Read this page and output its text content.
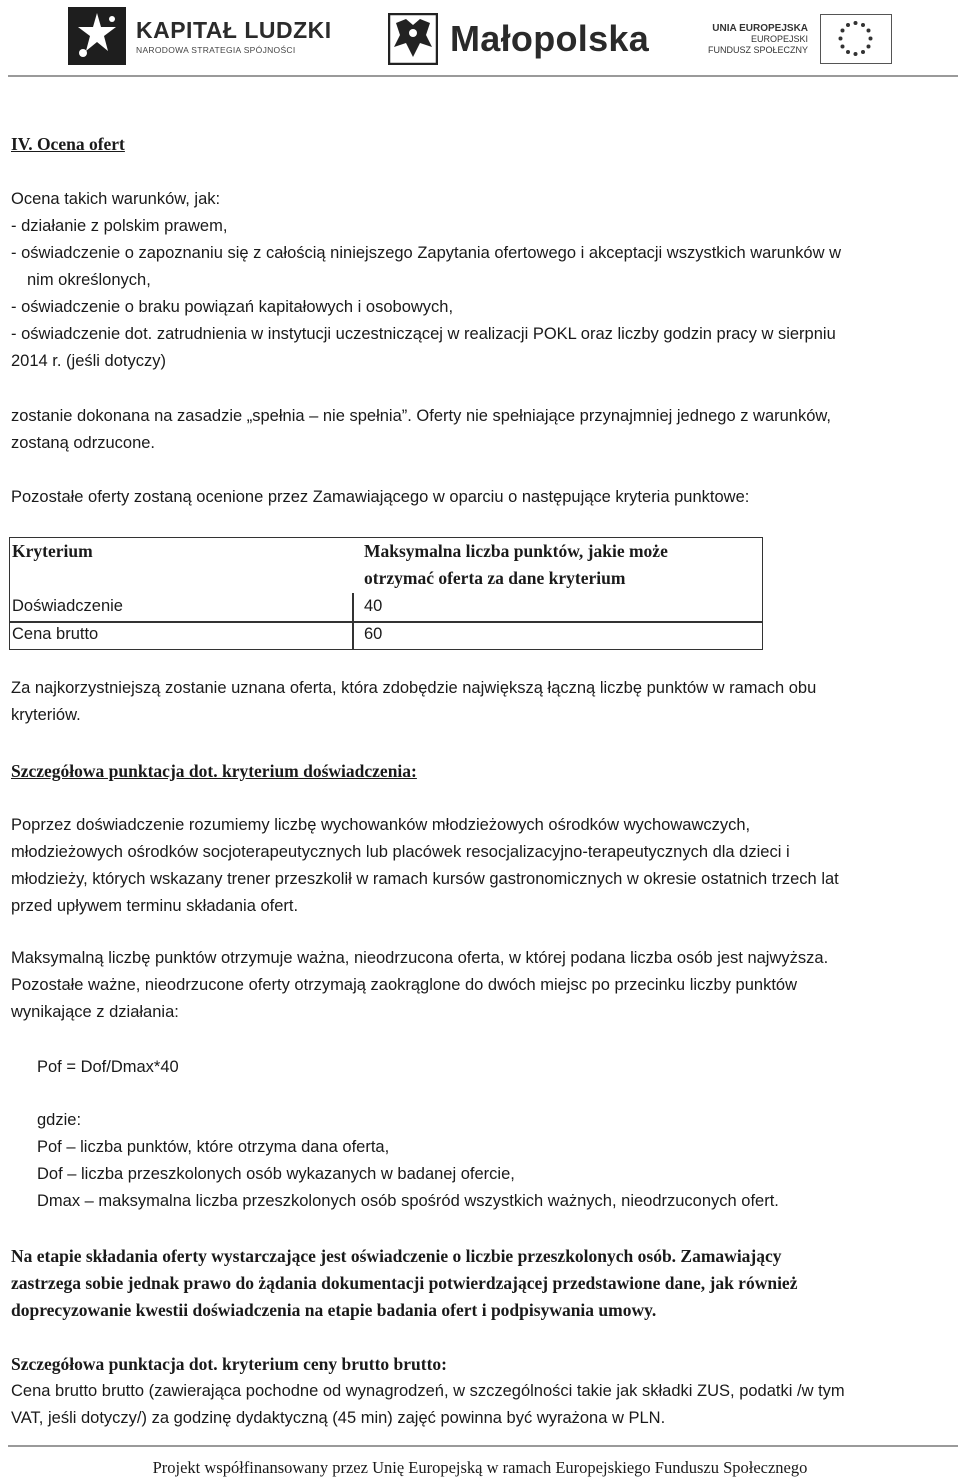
KAPITAŁ LUDZKI
NARODOWA STRATEGIA SPÓJNOŚCI	Małopolska	UNIA EUROPEJSKA
EUROPEJSKI
FUNDUSZ SPOŁECZNY
IV. Ocena ofert
Ocena takich warunków, jak:
- działanie z polskim prawem,
- oświadczenie o zapoznaniu się z całością niniejszego Zapytania ofertowego i akceptacji wszystkich warunków w
nim określonych,
- oświadczenie o braku powiązań kapitałowych i osobowych,
- oświadczenie dot. zatrudnienia w instytucji uczestniczącej w realizacji POKL oraz liczby godzin pracy w sierpniu
2014 r. (jeśli dotyczy)
zostanie dokonana na zasadzie „spełnia – nie spełnia”. Oferty nie spełniające przynajmniej jednego z warunków,
zostaną odrzucone.
Pozostałe oferty zostaną ocenione przez Zamawiającego w oparciu o następujące kryteria punktowe:
Kryterium	Maksymalna liczba punktów, jakie może
otrzymać oferta za dane kryterium
Doświadczenie	40
Cena brutto	60
Za najkorzystniejszą zostanie uznana oferta, która zdobędzie największą łączną liczbę punktów w ramach obu
kryteriów.
Szczegółowa punktacja dot. kryterium doświadczenia:
Poprzez doświadczenie rozumiemy liczbę wychowanków młodzieżowych ośrodków wychowawczych,
młodzieżowych ośrodków socjoterapeutycznych lub placówek resocjalizacyjno-terapeutycznych dla dzieci i
młodzieży, których wskazany trener przeszkolił w ramach kursów gastronomicznych w okresie ostatnich trzech lat
przed upływem terminu składania ofert.
Maksymalną liczbę punktów otrzymuje ważna, nieodrzucona oferta, w której podana liczba osób jest najwyższa.
Pozostałe ważne, nieodrzucone oferty otrzymają zaokrąglone do dwóch miejsc po przecinku liczby punktów
wynikające z działania:
Pof = Dof/Dmax*40
gdzie:
Pof – liczba punktów, które otrzyma dana oferta,
Dof – liczba przeszkolonych osób wykazanych w badanej ofercie,
Dmax – maksymalna liczba przeszkolonych osób spośród wszystkich ważnych, nieodrzuconych ofert.
Na etapie składania oferty wystarczające jest oświadczenie o liczbie przeszkolonych osób. Zamawiający
zastrzega sobie jednak prawo do żądania dokumentacji potwierdzającej przedstawione dane, jak również
doprecyzowanie kwestii doświadczenia na etapie badania ofert i podpisywania umowy.
Szczegółowa punktacja dot. kryterium ceny brutto brutto:
Cena brutto brutto (zawierająca pochodne od wynagrodzeń, w szczególności takie jak składki ZUS, podatki /w tym
VAT, jeśli dotyczy/) za godzinę dydaktyczną (45 min) zajęć powinna być wyrażona w PLN.
Projekt współfinansowany przez Unię Europejską w ramach Europejskiego Funduszu Społecznego
